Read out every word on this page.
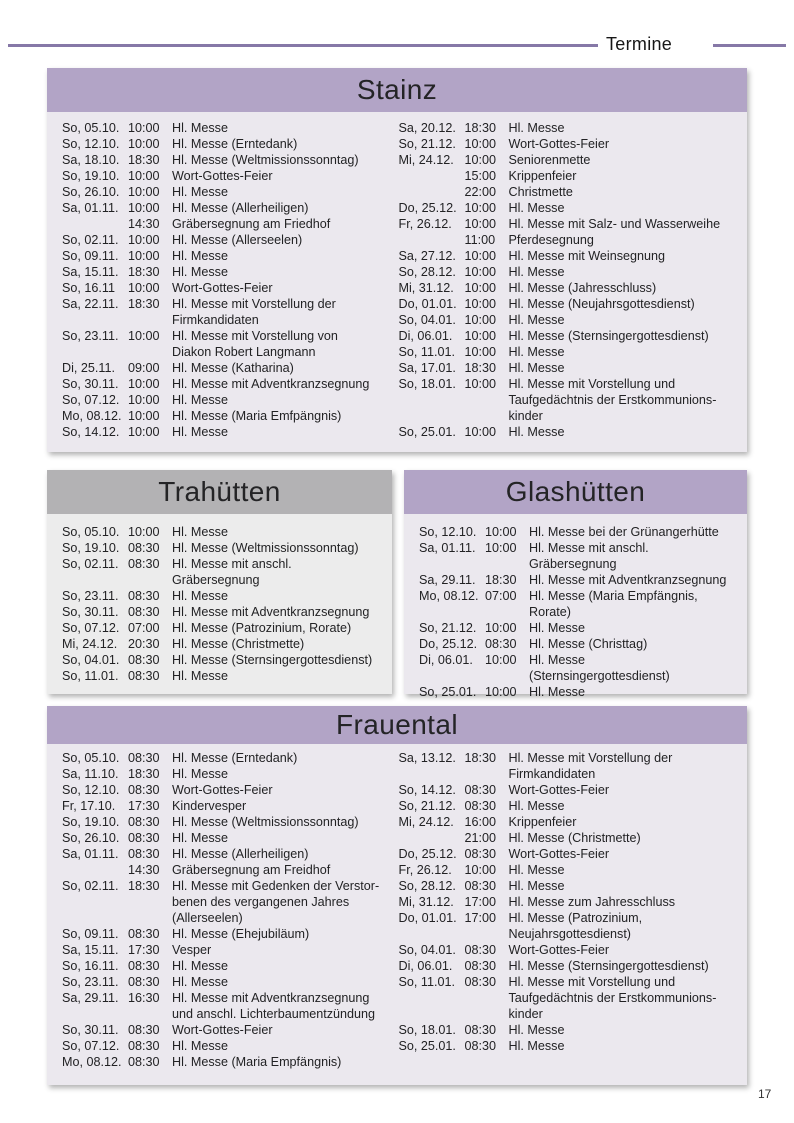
Termine
Stainz
So, 05.10. 10:00 Hl. Messe
So, 12.10. 10:00 Hl. Messe (Erntedank)
Sa, 18.10. 18:30 Hl. Messe (Weltmissionssonntag)
So, 19.10. 10:00 Wort-Gottes-Feier
So, 26.10. 10:00 Hl. Messe
Sa, 01.11. 10:00 Hl. Messe (Allerheiligen)
14:30 Gräbersegnung am Friedhof
So, 02.11. 10:00 Hl. Messe (Allerseelen)
So, 09.11. 10:00 Hl. Messe
Sa, 15.11. 18:30 Hl. Messe
So, 16.11	10:00 Wort-Gottes-Feier
Sa, 22.11. 18:30 Hl. Messe mit Vorstellung der
Firmkandidaten
So, 23.11. 10:00 Hl. Messe mit Vorstellung von
Diakon Robert Langmann
Di, 25.11.	09:00 Hl. Messe (Katharina)
So, 30.11. 10:00 Hl. Messe mit Adventkranzsegnung
So, 07.12. 10:00 Hl. Messe
Mo, 08.12. 10:00 Hl. Messe (Maria Emfpängnis)
So, 14.12. 10:00 Hl. Messe
Sa, 20.12. 18:30 Hl. Messe
So, 21.12. 10:00 Wort-Gottes-Feier
Mi, 24.12. 10:00 Seniorenmette
15:00 Krippenfeier
22:00 Christmette
Do, 25.12. 10:00 Hl. Messe
Fr, 26.12.	10:00 Hl. Messe mit Salz- und Wasserweihe
11:00	Pferdesegnung
Sa, 27.12. 10:00 Hl. Messe mit Weinsegnung
So, 28.12. 10:00 Hl. Messe
Mi, 31.12. 10:00 Hl. Messe (Jahresschluss)
Do, 01.01. 10:00 Hl. Messe (Neujahrsgottesdienst)
So, 04.01. 10:00 Hl. Messe
Di, 06.01. 10:00 Hl. Messe (Sternsingergottesdienst)
So, 11.01. 10:00 Hl. Messe
Sa, 17.01. 18:30 Hl. Messe
So, 18.01. 10:00 Hl. Messe mit Vorstellung und
Taufgedächtnis der Erstkommunions-
kinder
So, 25.01. 10:00 Hl. Messe
Trahütten
So, 05.10. 10:00 Hl. Messe
So, 19.10. 08:30 Hl. Messe (Weltmissionssonntag)
So, 02.11. 08:30 Hl. Messe mit anschl. Gräbersegnung
So, 23.11. 08:30 Hl. Messe
So, 30.11. 08:30 Hl. Messe mit Adventkranzsegnung
So, 07.12. 07:00 Hl. Messe (Patrozinium, Rorate)
Mi, 24.12. 20:30 Hl. Messe (Christmette)
So, 04.01. 08:30 Hl. Messe (Sternsingergottesdienst)
So, 11.01. 08:30 Hl. Messe
Glashütten
So, 12.10. 10:00 Hl. Messe bei der Grünangerhütte
Sa, 01.11. 10:00 Hl. Messe mit anschl. Gräbersegnung
Sa, 29.11. 18:30 Hl. Messe mit Adventkranzsegnung
Mo, 08.12. 07:00 Hl. Messe (Maria Empfängnis, Rorate)
So, 21.12. 10:00 Hl. Messe
Do, 25.12. 08:30 Hl. Messe (Christtag)
Di, 06.01. 10:00 Hl. Messe (Sternsingergottesdienst)
So, 25.01. 10:00 Hl. Messe
Frauental
So, 05.10. 08:30 Hl. Messe (Erntedank)
Sa, 11.10. 18:30 Hl. Messe
So, 12.10. 08:30 Wort-Gottes-Feier
Fr, 17.10.	17:30 Kindervesper
So, 19.10. 08:30 Hl. Messe (Weltmissionssonntag)
So, 26.10. 08:30 Hl. Messe
Sa, 01.11. 08:30 Hl. Messe (Allerheiligen)
14:30 Gräbersegnung am Freidhof
So, 02.11. 18:30 Hl. Messe mit Gedenken der Verstor-
benen des vergangenen Jahres
(Allerseelen)
So, 09.11. 08:30 Hl. Messe (Ehejubiläum)
Sa, 15.11. 17:30 Vesper
So, 16.11. 08:30 Hl. Messe
So, 23.11. 08:30 Hl. Messe
Sa, 29.11. 16:30 Hl. Messe mit Adventkranzsegnung
und anschl. Lichterbaumentzündung
So, 30.11. 08:30 Wort-Gottes-Feier
So, 07.12. 08:30 Hl. Messe
Mo, 08.12. 08:30 Hl. Messe (Maria Empfängnis)
Sa, 13.12. 18:30 Hl. Messe mit Vorstellung der
Firmkandidaten
So, 14.12. 08:30 Wort-Gottes-Feier
So, 21.12. 08:30 Hl. Messe
Mi, 24.12. 16:00 Krippenfeier
21:00 Hl. Messe (Christmette)
Do, 25.12. 08:30 Wort-Gottes-Feier
Fr, 26.12.	10:00 Hl. Messe
So, 28.12. 08:30 Hl. Messe
Mi, 31.12. 17:00 Hl. Messe zum Jahresschluss
Do, 01.01. 17:00 Hl. Messe (Patrozinium,
Neujahrsgottesdienst)
So, 04.01. 08:30 Wort-Gottes-Feier
Di, 06.01. 08:30 Hl. Messe (Sternsingergottesdienst)
So, 11.01. 08:30 Hl. Messe mit Vorstellung und
Taufgedächtnis der Erstkommunions-
kinder
So, 18.01. 08:30 Hl. Messe
So, 25.01. 08:30 Hl. Messe
17
